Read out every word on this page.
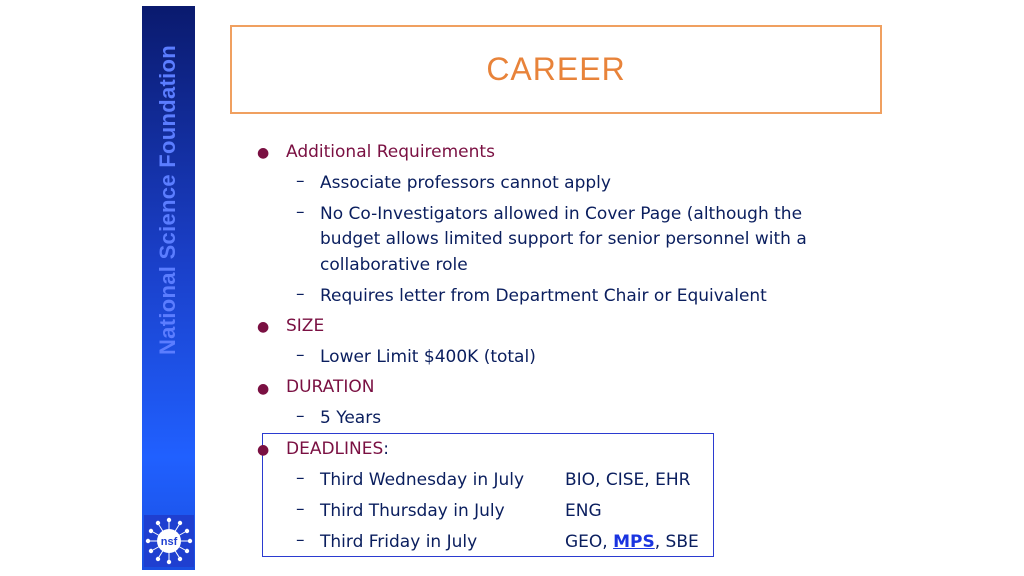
National Science Foundation
nsf
CAREER
● Additional Requirements
– Associate professors cannot apply
– No Co-Investigators allowed in Cover Page (although the
budget allows limited support for senior personnel with a
collaborative role
– Requires letter from Department Chair or Equivalent
● SIZE
– Lower Limit $400K (total)
● DURATION
– 5 Years
● DEADLINES:
– Third Wednesday in July BIO, CISE, EHR
– Third Thursday in July	ENG
– Third Friday in July	GEO, MPS, SBE
